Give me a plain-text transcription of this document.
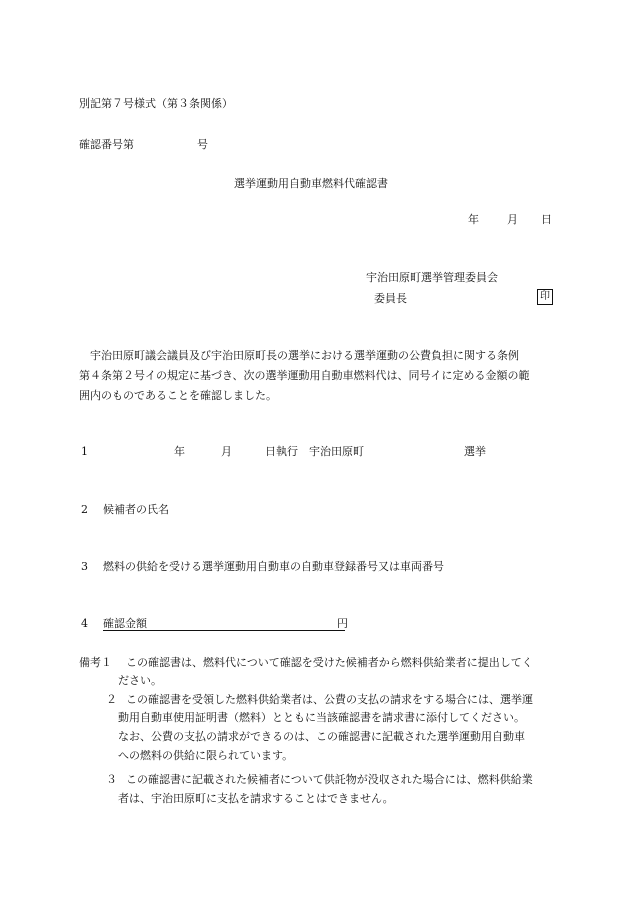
別記第７号様式（第３条関係）
確認番号第	号
選挙運動用自動車燃料代確認書
年	月 日
宇治田原町選挙管理委員会
委員長	印

　宇治田原町議会議員及び宇治田原町長の選挙における選挙運動の公費負担に関する条例

第４条第２号イの規定に基づき、次の選挙運動用自動車燃料代は、同号イに定める金額の範

囲内のものであることを確認しました。

1	年	月	日執行　宇治田原町	選挙
2 候補者の氏名
3 燃料の供給を受ける選挙運動用自動車の自動車登録番号又は車両番号
4 確認金額	円
備考１ この確認書は、燃料代について確認を受けた候補者から燃料供給業者に提出してく
ださい。
２ この確認書を受領した燃料供給業者は、公費の支払の請求をする場合には、選挙運
動用自動車使用証明書（燃料）とともに当該確認書を請求書に添付してください。
なお、公費の支払の請求ができるのは、この確認書に記載された選挙運動用自動車
への燃料の供給に限られています。
３ この確認書に記載された候補者について供託物が没収された場合には、燃料供給業
者は、宇治田原町に支払を請求することはできません。
